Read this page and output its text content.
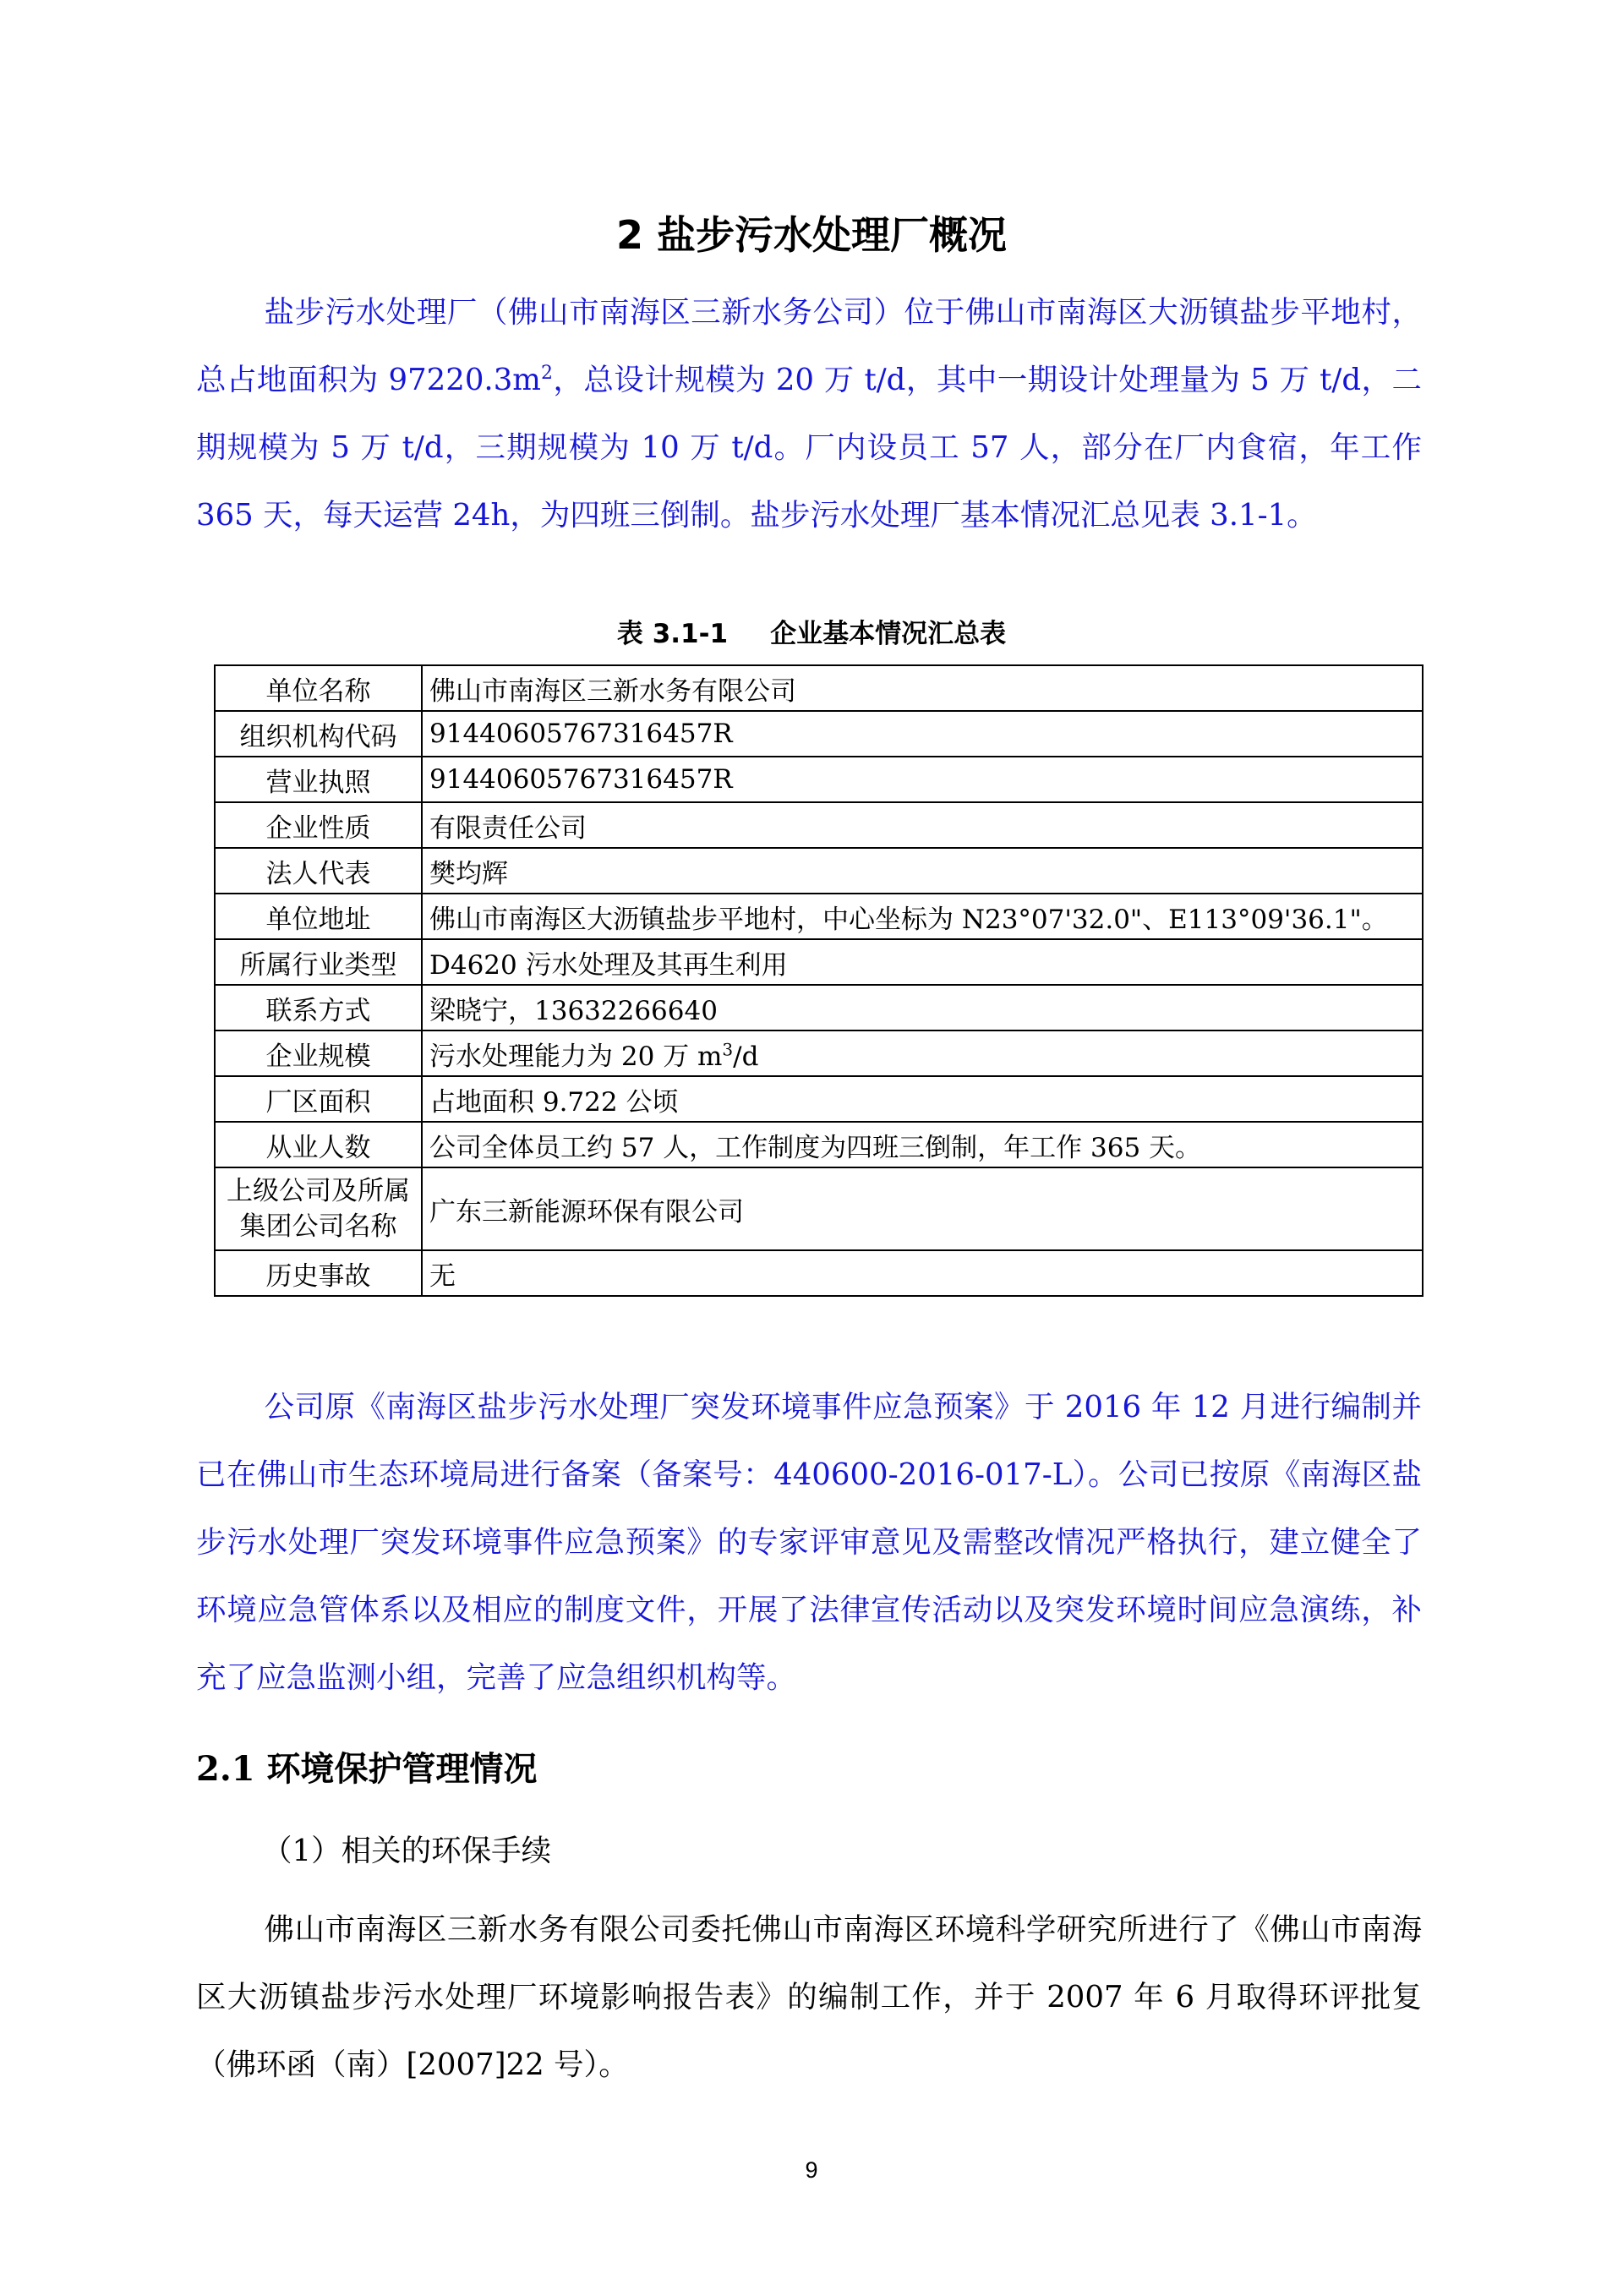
2 盐步污水处理厂概况

盐步污水处理厂（佛山市南海区三新水务公司）位于佛山市南海区大沥镇盐步平地村，总占地面积为 $97220.3m^2$，总设计规模为 20 万 t/d，其中一期设计处理量为 5 万 t/d，二期规模为 5 万 t/d，三期规模为 10 万 t/d。厂内设员工 57 人，部分在厂内食宿，年工作 365 天，每天运营 24h，为四班三倒制。盐步污水处理厂基本情况汇总见表 3.1-1。

表 3.1-1 企业基本情况汇总表
单位名称	佛山市南海区三新水务有限公司
组织机构代码	91440605767316457R
营业执照	91440605767316457R
企业性质	有限责任公司
法人代表	樊均辉
单位地址	佛山市南海区大沥镇盐步平地村，中心坐标为 N23°07'32.0"、E113°09'36.1"。
所属行业类型	D4620 污水处理及其再生利用
联系方式	梁晓宁，13632266640
企业规模	污水处理能力为 20 万 $m^3/d$
厂区面积	占地面积 9.722 公顷
从业人数	公司全体员工约 57 人，工作制度为四班三倒制，年工作 365 天。
上级公司及所属
集团公司名称	广东三新能源环保有限公司
历史事故	无

公司原《南海区盐步污水处理厂突发环境事件应急预案》于 2016 年 12 月进行编制并已在佛山市生态环境局进行备案（备案号：440600-2016-017-L）。公司已按原《南海区盐步污水处理厂突发环境事件应急预案》的专家评审意见及需整改情况严格执行，建立健全了环境应急管体系以及相应的制度文件，开展了法律宣传活动以及突发环境时间应急演练，补充了应急监测小组，完善了应急组织机构等。

2.1 环境保护管理情况
（1）相关的环保手续

佛山市南海区三新水务有限公司委托佛山市南海区环境科学研究所进行了《佛山市南海区大沥镇盐步污水处理厂环境影响报告表》的编制工作，并于 2007 年 6 月取得环评批复（佛环函（南）[2007]22 号）。

9
